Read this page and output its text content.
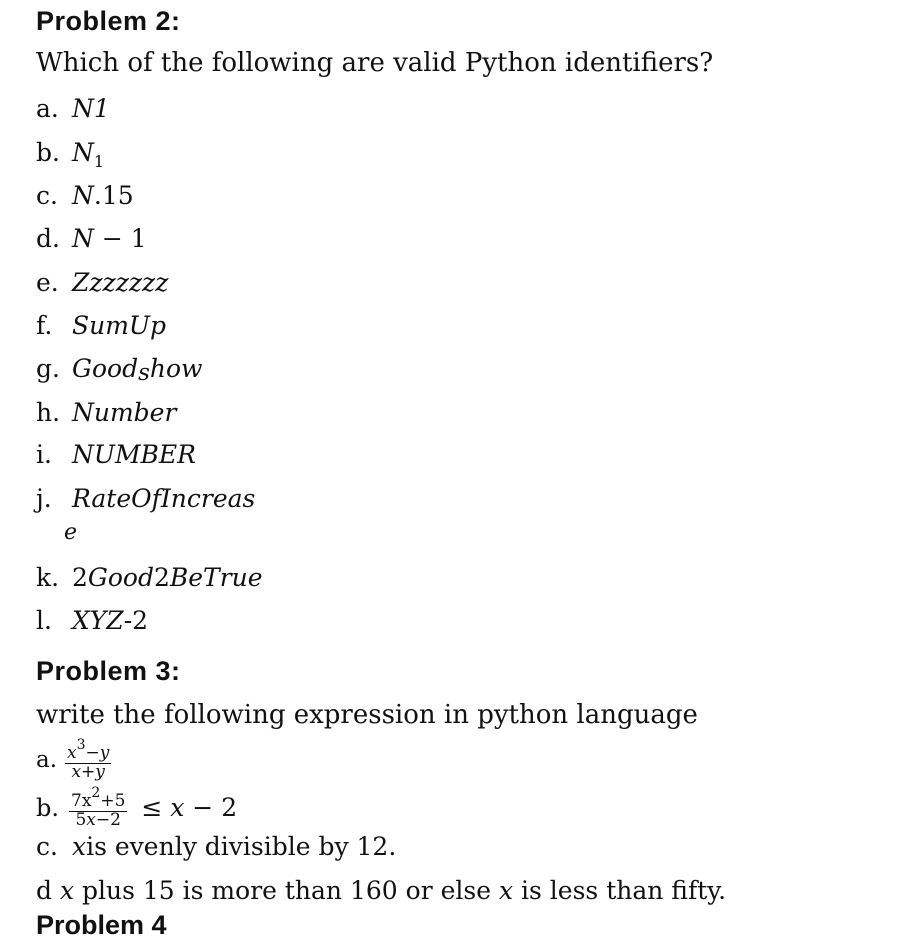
Problem 2:
Which of the following are valid Python identifiers?
a. N1
b. $N_1$
c. N.15
d. N − 1
e. Zzzzzzz
f. SumUp
g. Goodshow
h. Number
i. NUMBER
j. RateOfIncreas
e
k. 2Good2BeTrue
l. XYZ-2
Problem 3:
write the following expression in python language
a. $\frac{x^3-y}{x+y}$
b. $\frac{7x^2+5}{5x-2} \le x - 2$
c. xis evenly divisible by 12.
d x plus 15 is more than 160 or else x is less than fifty.
Problem 4
